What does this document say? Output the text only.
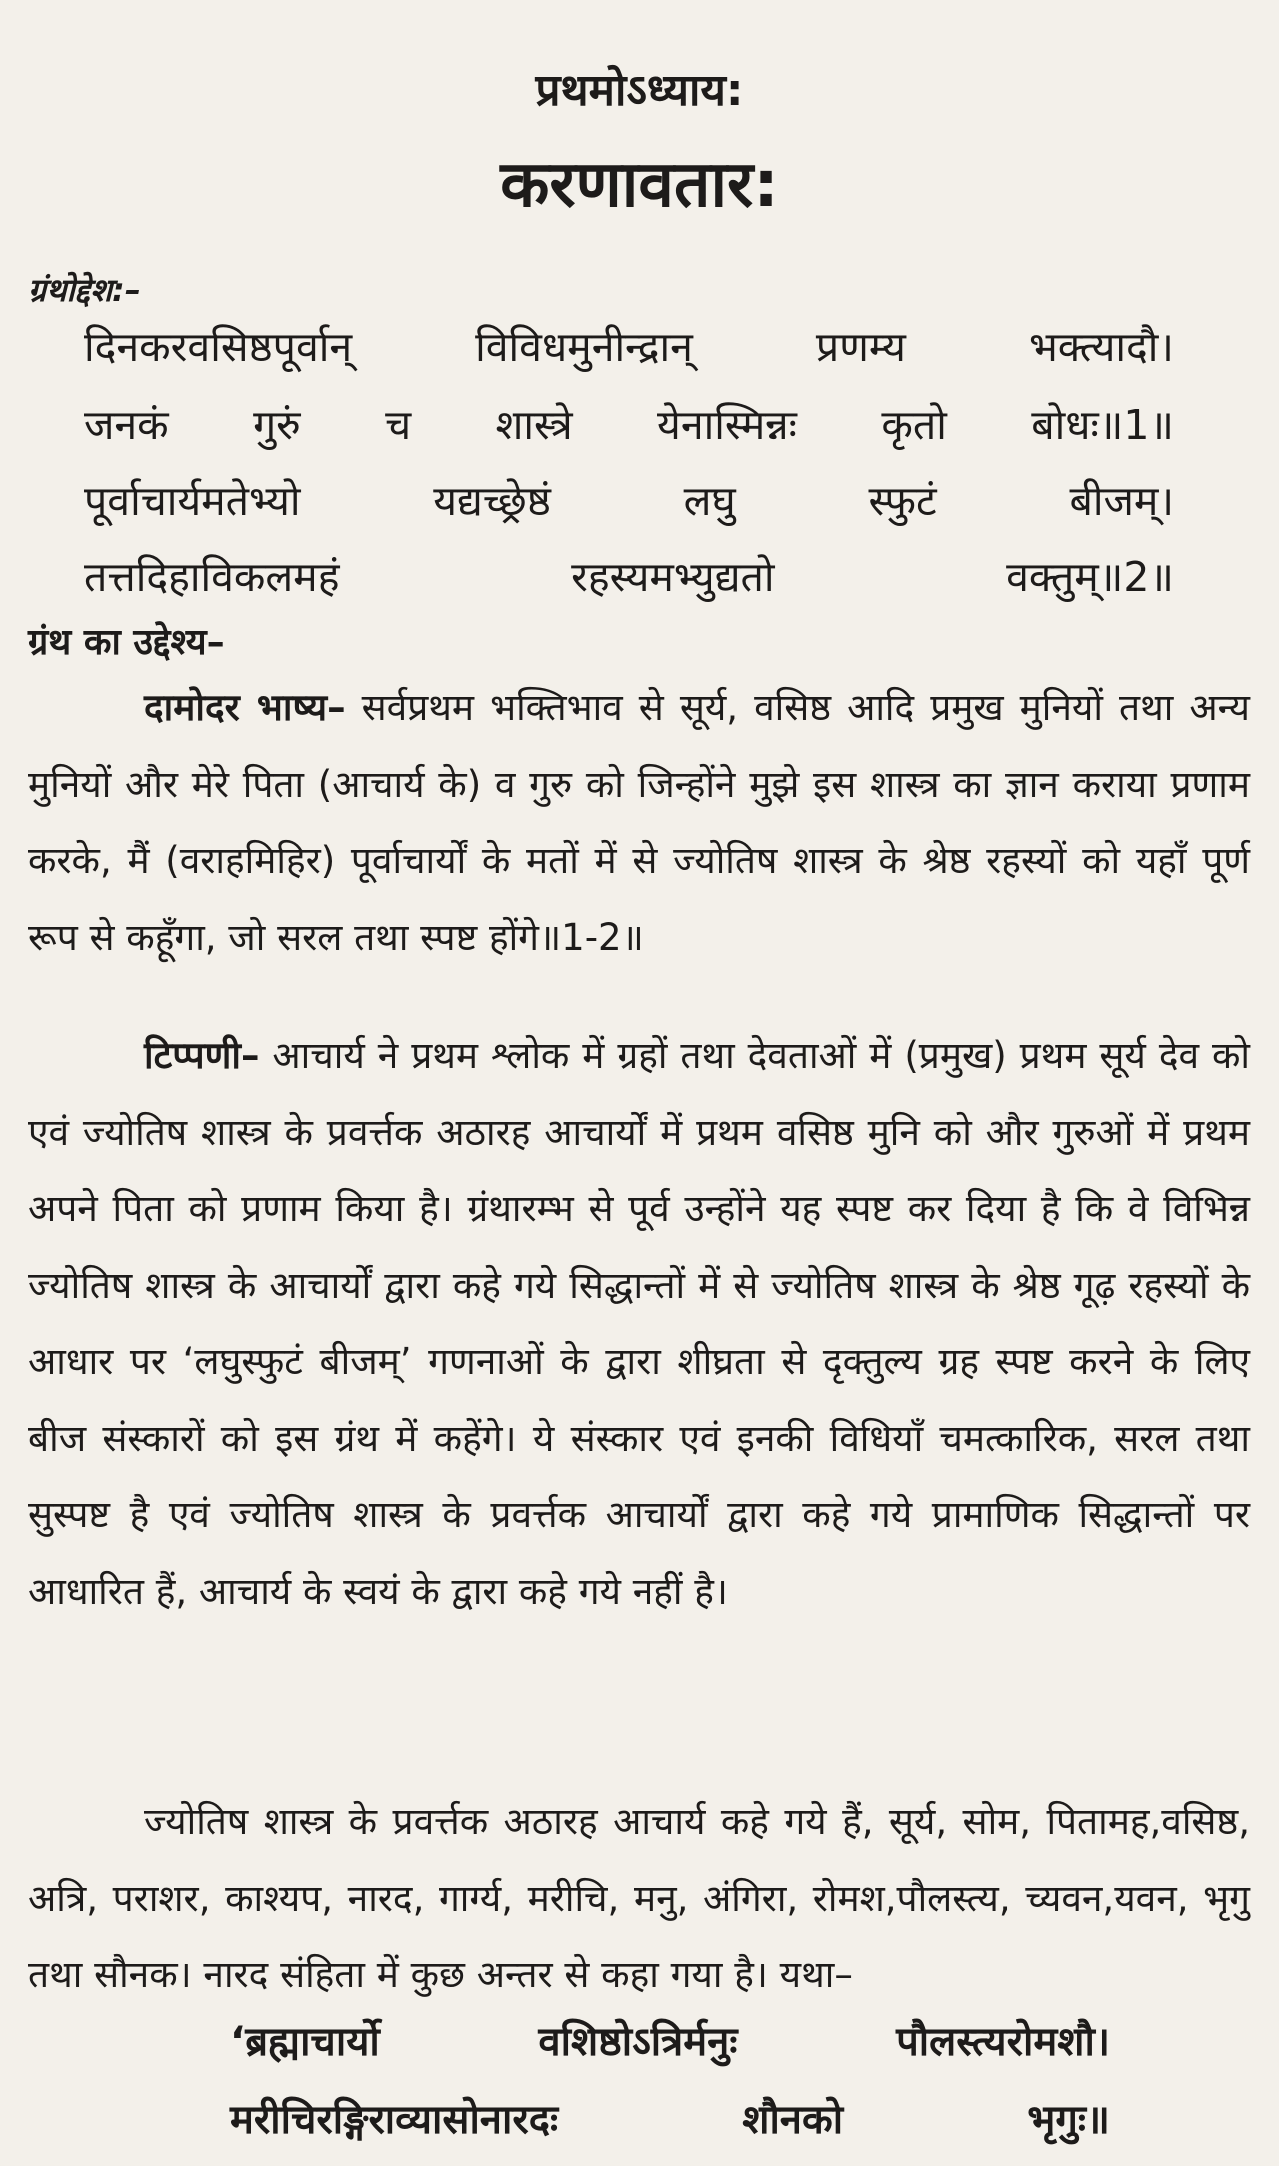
प्रथमोऽध्याय:
करणावतार:
ग्रंथोद्देश:–
दिनकरवसिष्ठपूर्वान्	विविधमुनीन्द्रान्	प्रणम्य	भक्त्यादौ।
जनकं गुरुं च शास्त्रे येनास्मिन्नः कृतो बोधः॥1॥
पूर्वाचार्यमतेभ्यो	यद्यच्छ्रेष्ठं	लघु	स्फुटं	बीजम्।
तत्तदिहाविकलमहं	रहस्यमभ्युद्यतो	वक्तुम्॥2॥
ग्रंथ का उद्देश्य–

दामोदर भाष्य– सर्वप्रथम भक्तिभाव से सूर्य, वसिष्ठ आदि प्रमुख मुनियों तथा अन्य मुनियों और मेरे पिता (आचार्य के) व गुरु को जिन्होंने मुझे इस शास्त्र का ज्ञान कराया प्रणाम करके, मैं (वराहमिहिर) पूर्वाचार्यों के मतों में से ज्योतिष शास्त्र के श्रेष्ठ रहस्यों को यहाँ पूर्ण रूप से कहूँगा, जो सरल तथा स्पष्ट होंगे॥1-2॥

टिप्पणी– आचार्य ने प्रथम श्लोक में ग्रहों तथा देवताओं में (प्रमुख) प्रथम सूर्य देव को एवं ज्योतिष शास्त्र के प्रवर्त्तक अठारह आचार्यों में प्रथम वसिष्ठ मुनि को और गुरुओं में प्रथम अपने पिता को प्रणाम किया है। ग्रंथारम्भ से पूर्व उन्होंने यह स्पष्ट कर दिया है कि वे विभिन्न ज्योतिष शास्त्र के आचार्यों द्वारा कहे गये सिद्धान्तों में से ज्योतिष शास्त्र के श्रेष्ठ गूढ़ रहस्यों के आधार पर ‘लघुस्फुटं बीजम्’ गणनाओं के द्वारा शीघ्रता से दृक्तुल्य ग्रह स्पष्ट करने के लिए बीज संस्कारों को इस ग्रंथ में कहेंगे। ये संस्कार एवं इनकी विधियाँ चमत्कारिक, सरल तथा सुस्पष्ट है एवं ज्योतिष शास्त्र के प्रवर्त्तक आचार्यों द्वारा कहे गये प्रामाणिक सिद्धान्तों पर आधारित हैं, आचार्य के स्वयं के द्वारा कहे गये नहीं है।

ज्योतिष शास्त्र के प्रवर्त्तक अठारह आचार्य कहे गये हैं, सूर्य, सोम, पितामह,वसिष्ठ, अत्रि, पराशर, काश्यप, नारद, गार्ग्य, मरीचि, मनु, अंगिरा, रोमश,पौलस्त्य, च्यवन,यवन, भृगु तथा सौनक। नारद संहिता में कुछ अन्तर से कहा गया है। यथा–

‘ब्रह्माचार्यो	वशिष्ठोऽत्रिर्मनुः	पौलस्त्यरोमशौ।
मरीचिरङ्गिराव्यासोनारदः	शौनको	भृगुः॥
